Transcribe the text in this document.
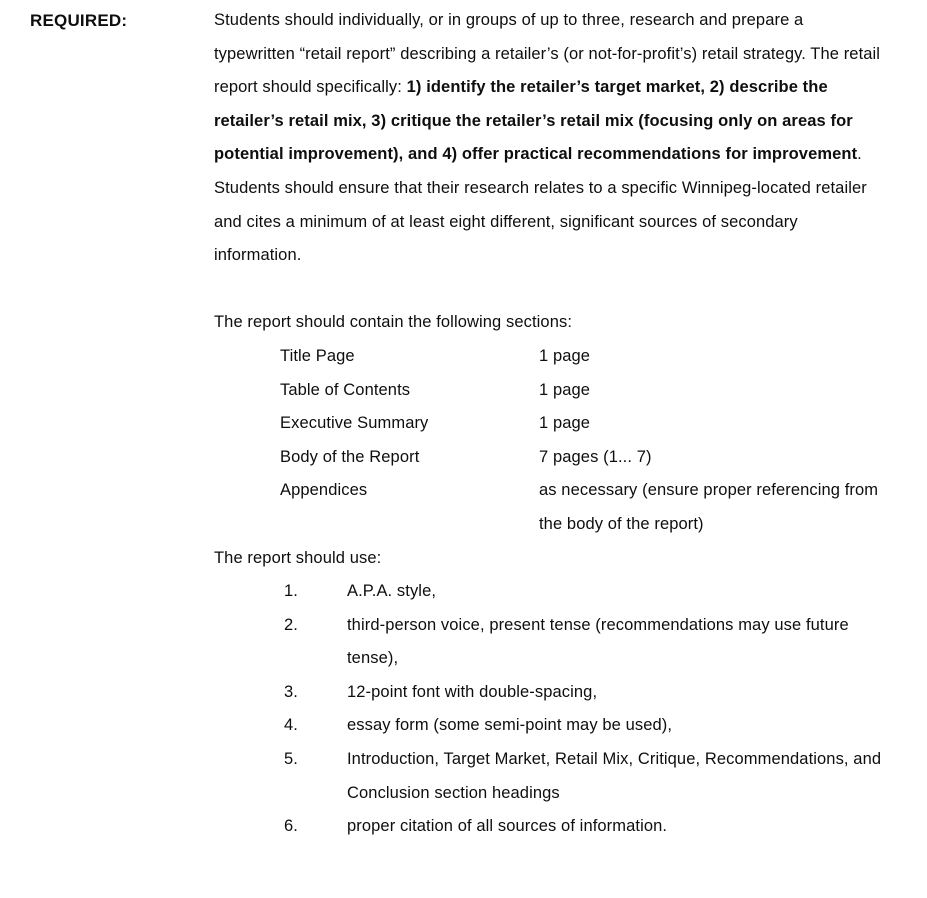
REQUIRED:	Students should individually, or in groups of up to three, research and prepare a typewritten “retail report” describing a retailer’s (or not-for-profit’s) retail strategy. The retail report should specifically: 1) identify the retailer’s target market, 2) describe the retailer’s retail mix, 3) critique the retailer’s retail mix (focusing only on areas for potential improvement), and 4) offer practical recommendations for improvement. Students should ensure that their research relates to a specific Winnipeg-located retailer and cites a minimum of at least eight different, significant sources of secondary information.

The report should contain the following sections:
Title Page	1 page
Table of Contents	1 page
Executive Summary	1 page
Body of the Report	7 pages (1... 7)
Appendices	as necessary (ensure proper referencing from the body of the report)
The report should use:
1.	A.P.A. style,
2.	third-person voice, present tense (recommendations may use future tense),
3.	12-point font with double-spacing,
4.	essay form (some semi-point may be used),
5.	Introduction, Target Market, Retail Mix, Critique, Recommendations, and Conclusion section headings
6.	proper citation of all sources of information.
